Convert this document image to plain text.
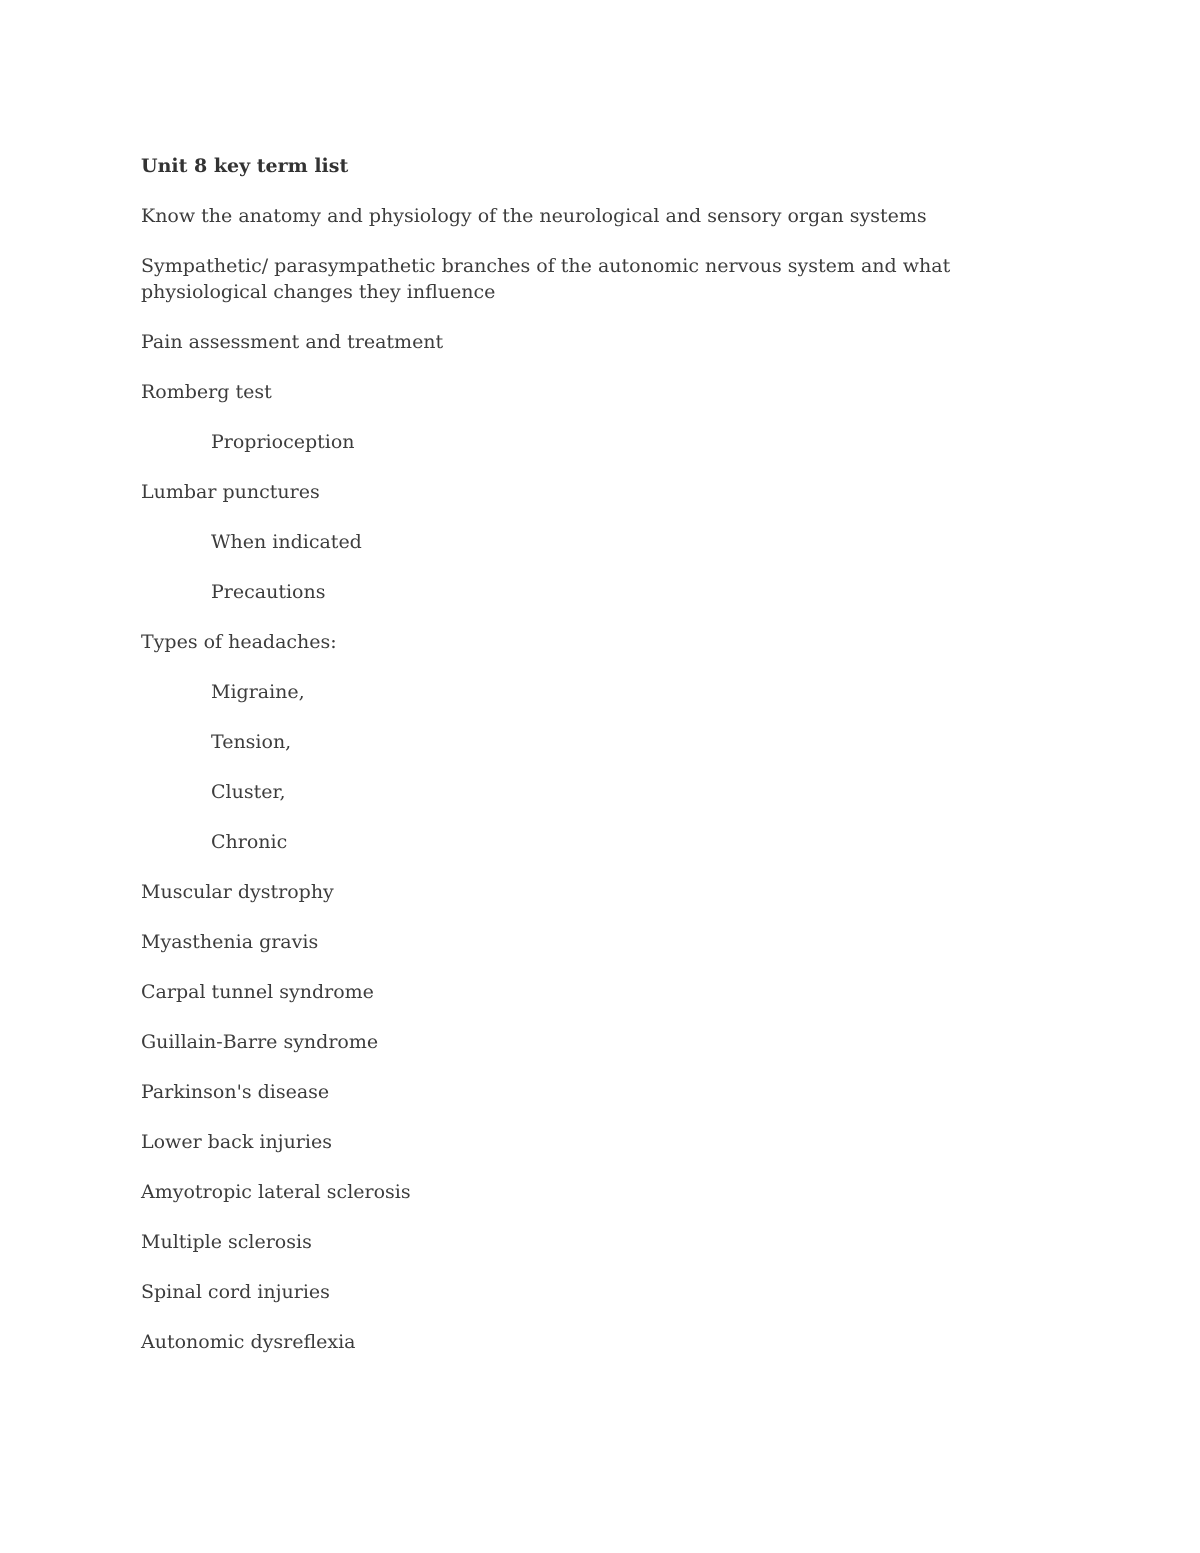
Unit 8 key term list

Know the anatomy and physiology of the neurological and sensory organ systems

Sympathetic/ parasympathetic branches of the autonomic nervous system and what physiological changes they influence

Pain assessment and treatment

Romberg test

Proprioception

Lumbar punctures

When indicated

Precautions

Types of headaches:

Migraine,

Tension,

Cluster,

Chronic

Muscular dystrophy

Myasthenia gravis

Carpal tunnel syndrome

Guillain-Barre syndrome

Parkinson's disease

Lower back injuries

Amyotropic lateral sclerosis

Multiple sclerosis

Spinal cord injuries

Autonomic dysreflexia
